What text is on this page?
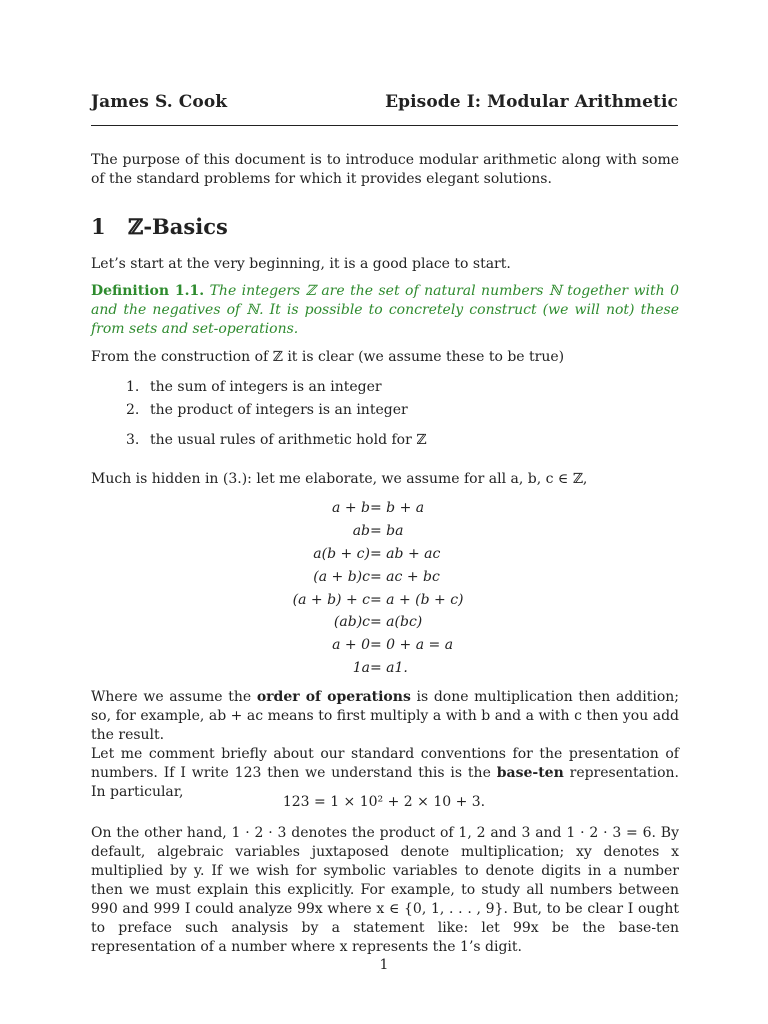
James S. Cook	Episode I: Modular Arithmetic
The purpose of this document is to introduce modular arithmetic along with some of the standard problems for which it provides elegant solutions.
1 ℤ-Basics
Let’s start at the very beginning, it is a good place to start.
Definition 1.1. The integers ℤ are the set of natural numbers ℕ together with 0 and the negatives of ℕ. It is possible to concretely construct (we will not) these from sets and set-operations.
From the construction of ℤ it is clear (we assume these to be true)
1. the sum of integers is an integer
2. the product of integers is an integer
3. the usual rules of arithmetic hold for ℤ
Much is hidden in (3.): let me elaborate, we assume for all a, b, c ∈ ℤ,
a + b = b + a
ab = ba
a(b + c) = ab + ac
(a + b)c = ac + bc
(a + b) + c = a + (b + c)
(ab)c = a(bc)
a + 0 = 0 + a = a
1a = a1.
Where we assume the order of operations is done multiplication then addition; so, for example, ab + ac means to first multiply a with b and a with c then you add the result.
Let me comment briefly about our standard conventions for the presentation of numbers. If I write 123 then we understand this is the base-ten representation. In particular,
123 = 1 × 10² + 2 × 10 + 3.
On the other hand, 1 · 2 · 3 denotes the product of 1, 2 and 3 and 1 · 2 · 3 = 6. By default, algebraic variables juxtaposed denote multiplication; xy denotes x multiplied by y. If we wish for symbolic variables to denote digits in a number then we must explain this explicitly. For example, to study all numbers between 990 and 999 I could analyze 99x where x ∈ {0, 1, . . . , 9}. But, to be clear I ought to preface such analysis by a statement like: let 99x be the base-ten representation of a number where x represents the 1’s digit.
1
